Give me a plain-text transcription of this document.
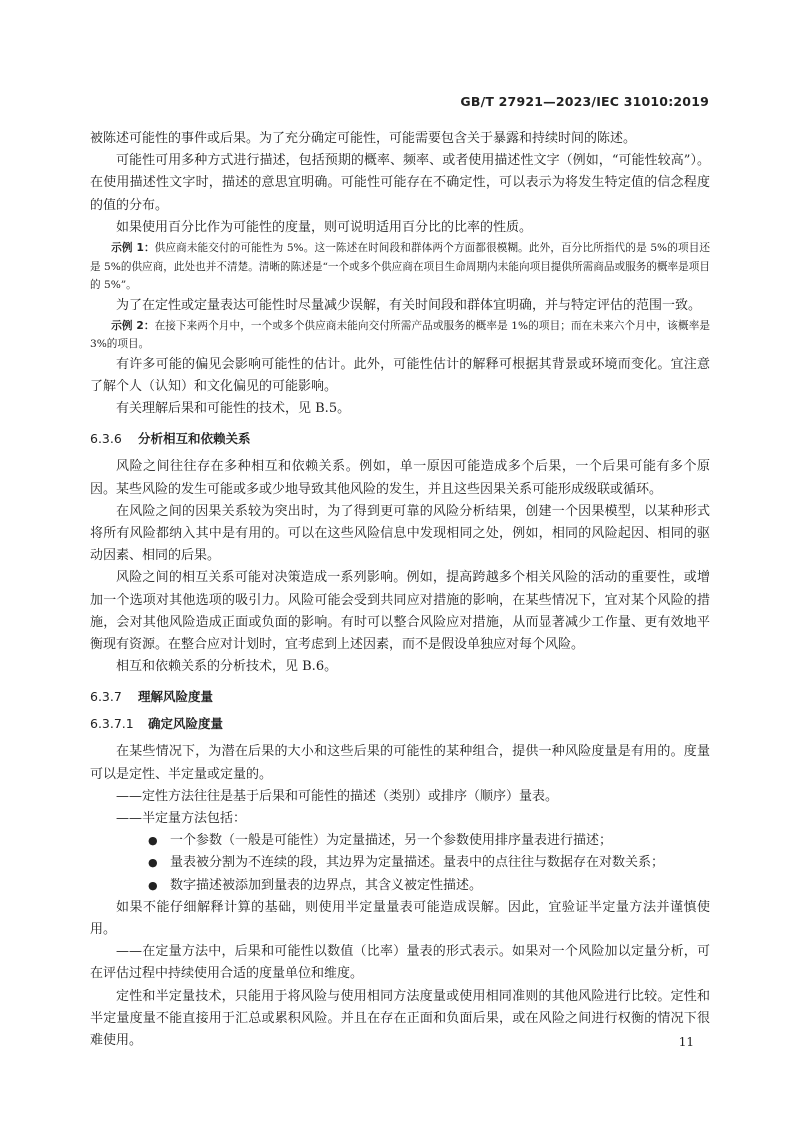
GB/T 27921—2023/IEC 31010:2019

被陈述可能性的事件或后果。为了充分确定可能性，可能需要包含关于暴露和持续时间的陈述。

可能性可用多种方式进行描述，包括预期的概率、频率、或者使用描述性文字（例如，“可能性较高”）。在使用描述性文字时，描述的意思宜明确。可能性可能存在不确定性，可以表示为将发生特定值的信念程度的值的分布。

如果使用百分比作为可能性的度量，则可说明适用百分比的比率的性质。

示例 1：供应商未能交付的可能性为 5%。这一陈述在时间段和群体两个方面都很模糊。此外，百分比所指代的是 5%的项目还是 5%的供应商，此处也并不清楚。清晰的陈述是“一个或多个供应商在项目生命周期内未能向项目提供所需商品或服务的概率是项目的 5%”。

为了在定性或定量表达可能性时尽量减少误解，有关时间段和群体宜明确，并与特定评估的范围一致。

示例 2：在接下来两个月中，一个或多个供应商未能向交付所需产品或服务的概率是 1%的项目；而在未来六个月中，该概率是 3%的项目。

有许多可能的偏见会影响可能性的估计。此外，可能性估计的解释可根据其背景或环境而变化。宜注意了解个人（认知）和文化偏见的可能影响。

有关理解后果和可能性的技术，见 B.5。

6.3.6 分析相互和依赖关系

风险之间往往存在多种相互和依赖关系。例如，单一原因可能造成多个后果，一个后果可能有多个原因。某些风险的发生可能或多或少地导致其他风险的发生，并且这些因果关系可能形成级联或循环。

在风险之间的因果关系较为突出时，为了得到更可靠的风险分析结果，创建一个因果模型，以某种形式将所有风险都纳入其中是有用的。可以在这些风险信息中发现相同之处，例如，相同的风险起因、相同的驱动因素、相同的后果。

风险之间的相互关系可能对决策造成一系列影响。例如，提高跨越多个相关风险的活动的重要性，或增加一个选项对其他选项的吸引力。风险可能会受到共同应对措施的影响，在某些情况下，宜对某个风险的措施，会对其他风险造成正面或负面的影响。有时可以整合风险应对措施，从而显著减少工作量、更有效地平衡现有资源。在整合应对计划时，宜考虑到上述因素，而不是假设单独应对每个风险。

相互和依赖关系的分析技术，见 B.6。

6.3.7 理解风险度量
6.3.7.1 确定风险度量

在某些情况下，为潜在后果的大小和这些后果的可能性的某种组合，提供一种风险度量是有用的。度量可以是定性、半定量或定量的。

——定性方法往往是基于后果和可能性的描述（类别）或排序（顺序）量表。

——半定量方法包括：

● 一个参数（一般是可能性）为定量描述，另一个参数使用排序量表进行描述；

● 量表被分割为不连续的段，其边界为定量描述。量表中的点往往与数据存在对数关系；

● 数字描述被添加到量表的边界点，其含义被定性描述。

如果不能仔细解释计算的基础，则使用半定量量表可能造成误解。因此，宜验证半定量方法并谨慎使用。

——在定量方法中，后果和可能性以数值（比率）量表的形式表示。如果对一个风险加以定量分析，可在评估过程中持续使用合适的度量单位和维度。

定性和半定量技术，只能用于将风险与使用相同方法度量或使用相同准则的其他风险进行比较。定性和半定量度量不能直接用于汇总或累积风险。并且在存在正面和负面后果，或在风险之间进行权衡的情况下很难使用。	11
